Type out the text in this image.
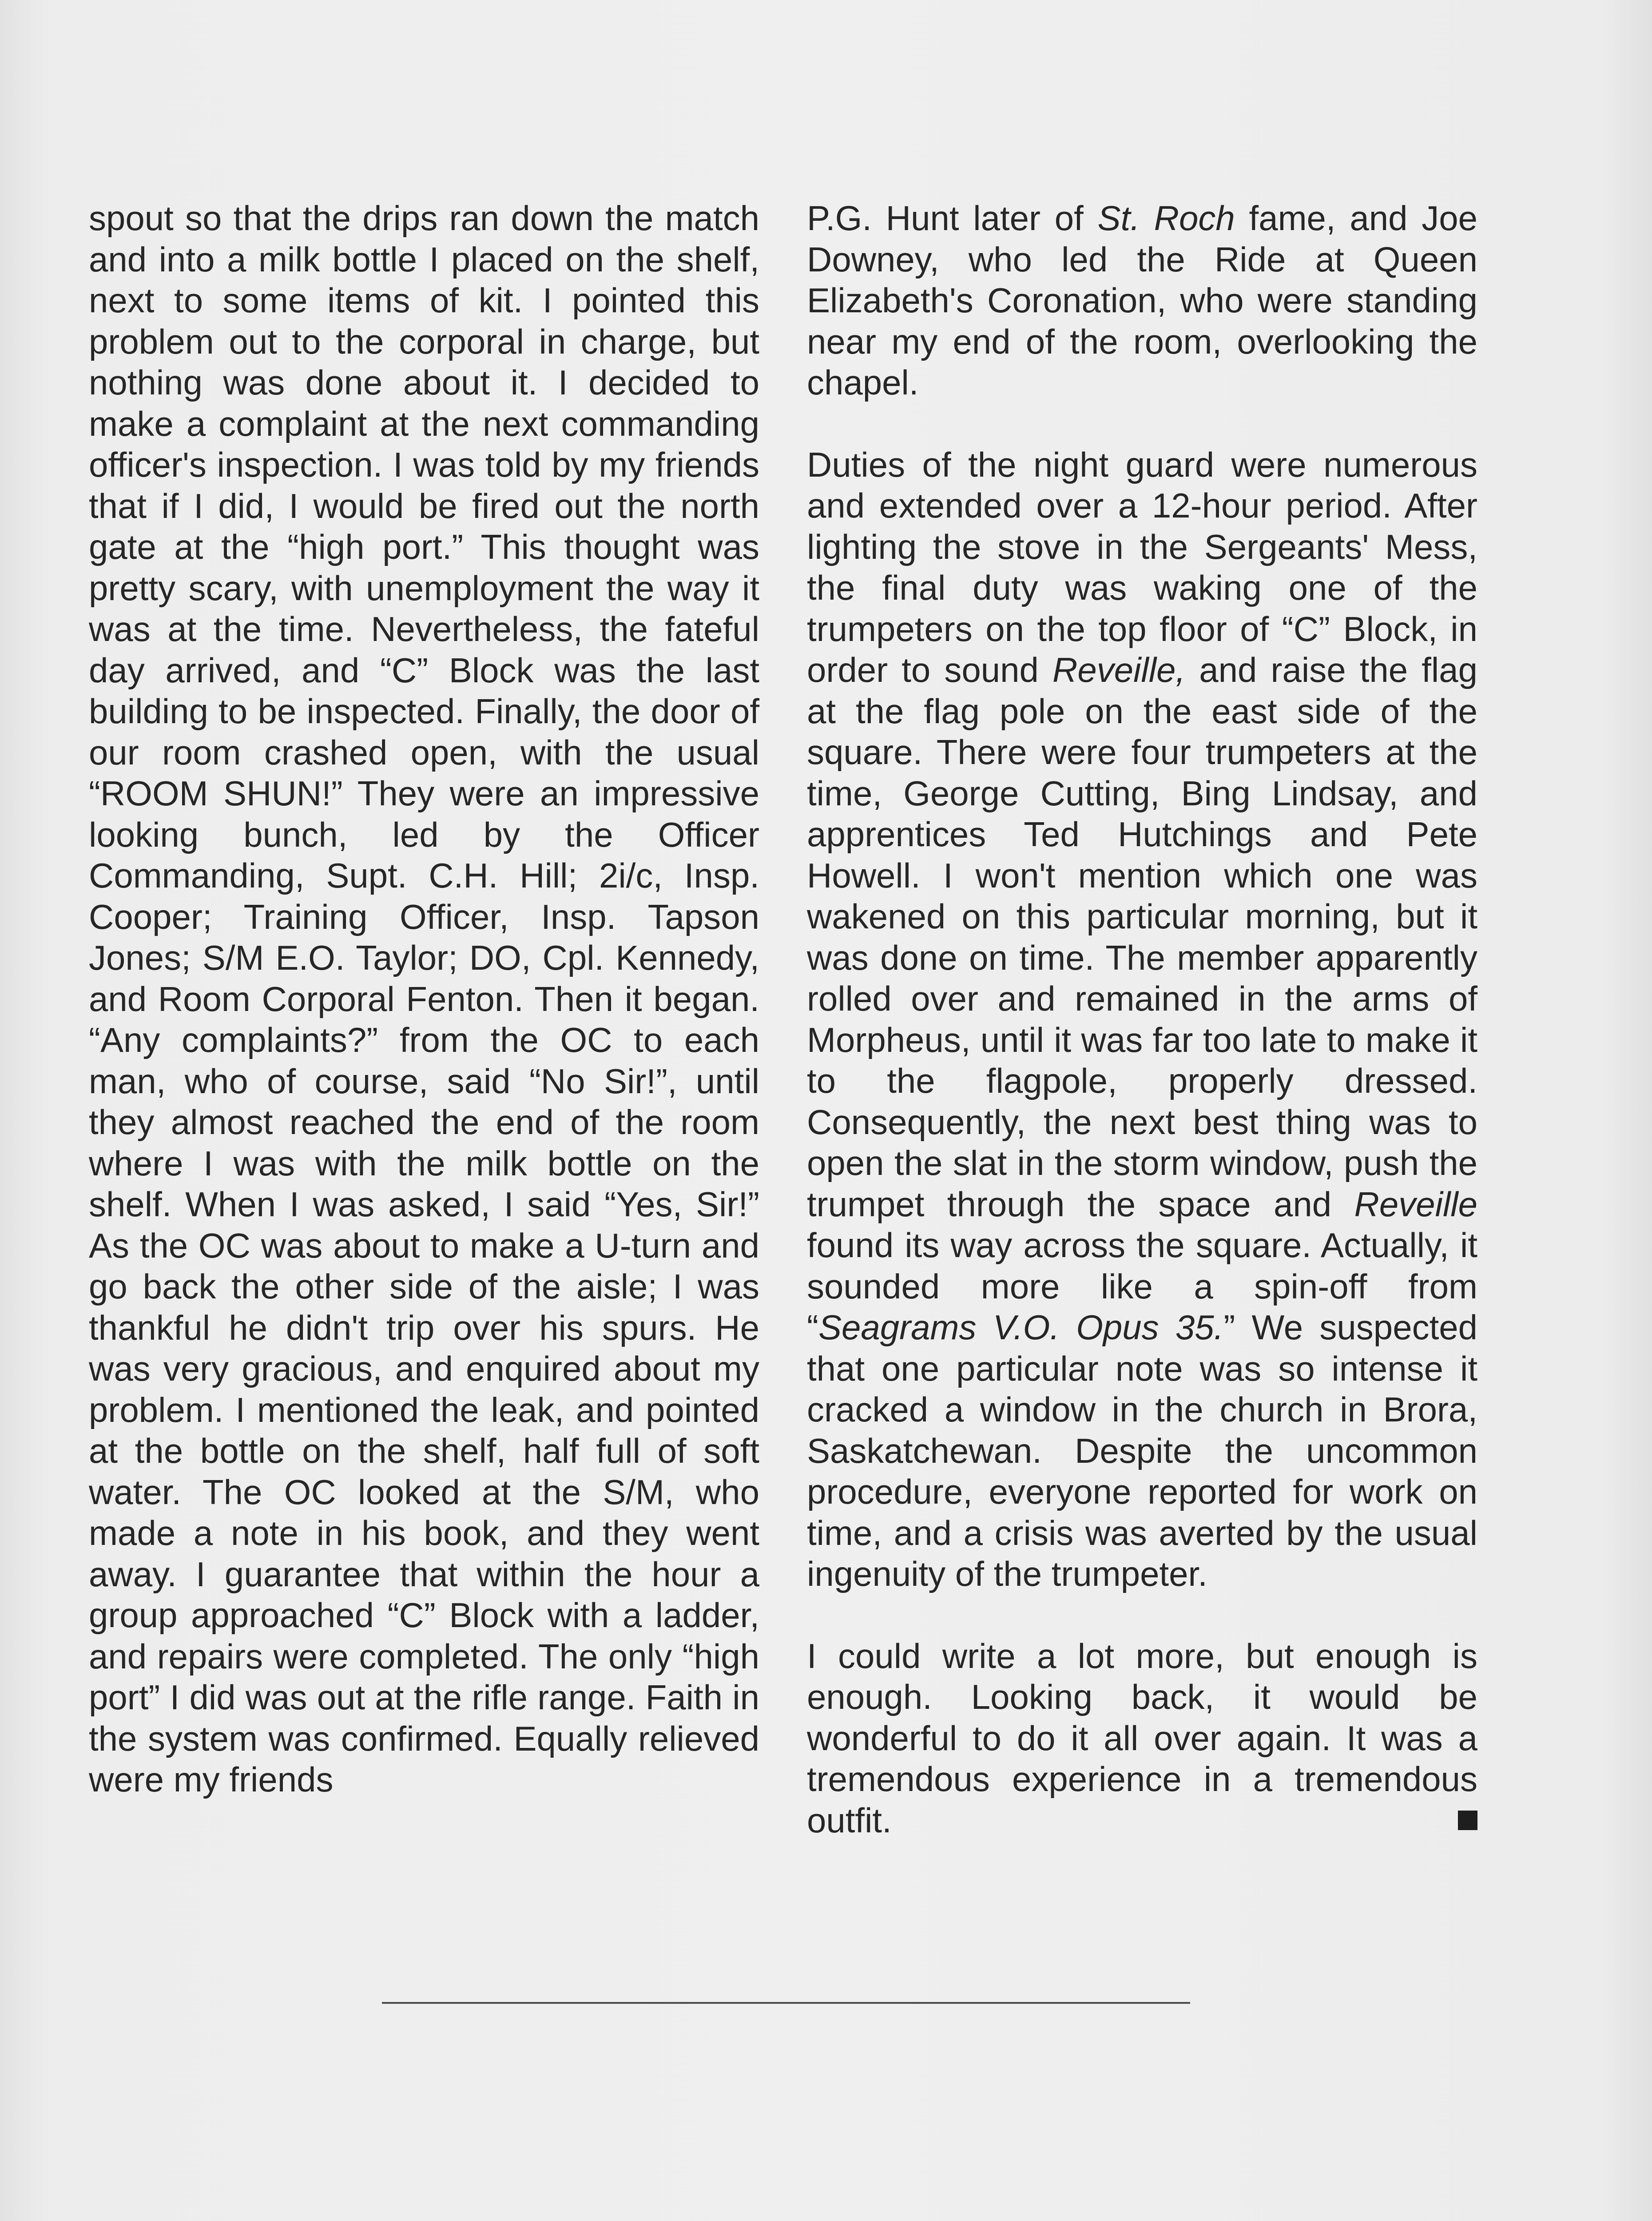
spout so that the drips ran down the match and into a milk bottle I placed on the shelf, next to some items of kit. I pointed this problem out to the corporal in charge, but nothing was done about it. I decided to make a complaint at the next commanding officer's inspection. I was told by my friends that if I did, I would be fired out the north gate at the “high port.” This thought was pretty scary, with unemployment the way it was at the time. Nevertheless, the fateful day arrived, and “C” Block was the last building to be inspected. Finally, the door of our room crashed open, with the usual “ROOM SHUN!” They were an impressive looking bunch, led by the Officer Commanding, Supt. C.H. Hill; 2i/c, Insp. Cooper; Training Officer, Insp. Tapson Jones; S/M E.O. Taylor; DO, Cpl. Kennedy, and Room Corporal Fenton. Then it began. “Any complaints?” from the OC to each man, who of course, said “No Sir!”, until they almost reached the end of the room where I was with the milk bottle on the shelf. When I was asked, I said “Yes, Sir!” As the OC was about to make a U-turn and go back the other side of the aisle; I was thankful he didn't trip over his spurs. He was very gracious, and enquired about my problem. I mentioned the leak, and pointed at the bottle on the shelf, half full of soft water. The OC looked at the S/M, who made a note in his book, and they went away. I guarantee that within the hour a group approached “C” Block with a ladder, and repairs were completed. The only “high port” I did was out at the rifle range. Faith in the system was confirmed. Equally relieved were my friends

P.G. Hunt later of St. Roch fame, and Joe Downey, who led the Ride at Queen Elizabeth's Coronation, who were standing near my end of the room, overlooking the chapel.

Duties of the night guard were numerous and extended over a 12-hour period. After lighting the stove in the Sergeants' Mess, the final duty was waking one of the trumpeters on the top floor of “C” Block, in order to sound Reveille, and raise the flag at the flag pole on the east side of the square. There were four trumpeters at the time, George Cutting, Bing Lindsay, and apprentices Ted Hutchings and Pete Howell. I won't mention which one was wakened on this particular morning, but it was done on time. The member apparently rolled over and remained in the arms of Morpheus, until it was far too late to make it to the flagpole, properly dressed. Consequently, the next best thing was to open the slat in the storm window, push the trumpet through the space and Reveille found its way across the square. Actually, it sounded more like a spin-off from “Seagrams V.O. Opus 35.” We suspected that one particular note was so intense it cracked a window in the church in Brora, Saskatchewan. Despite the uncommon procedure, everyone reported for work on time, and a crisis was averted by the usual ingenuity of the trumpeter.

I could write a lot more, but enough is enough. Looking back, it would be wonderful to do it all over again. It was a tremendous experience in a tremendous outfit.
